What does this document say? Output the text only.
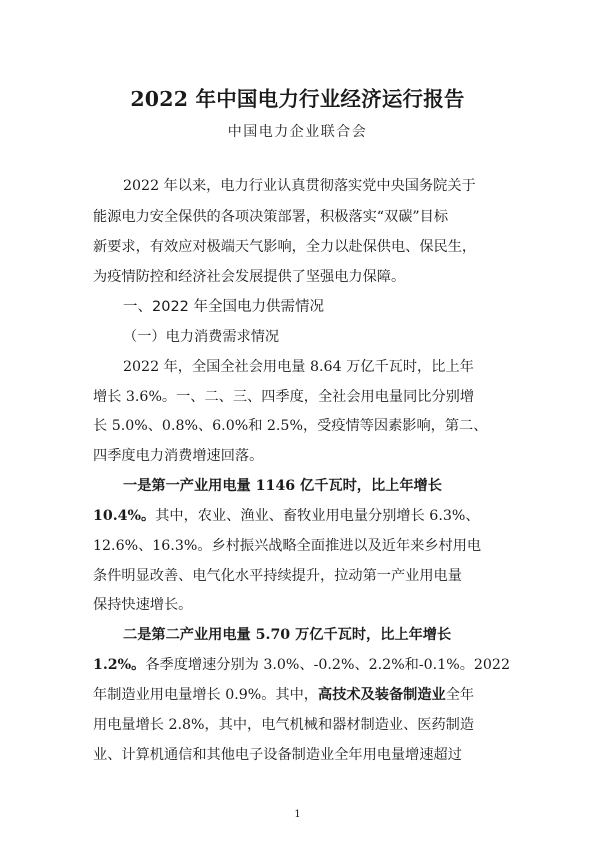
2022 年中国电力行业经济运行报告
中国电力企业联合会
2022 年以来，电力行业认真贯彻落实党中央国务院关于
能源电力安全保供的各项决策部署，积极落实“双碳”目标
新要求，有效应对极端天气影响，全力以赴保供电、保民生，
为疫情防控和经济社会发展提供了坚强电力保障。
一、2022 年全国电力供需情况
（一）电力消费需求情况
2022 年，全国全社会用电量 8.64 万亿千瓦时，比上年
增长 3.6%。一、二、三、四季度，全社会用电量同比分别增
长 5.0%、0.8%、6.0%和 2.5%，受疫情等因素影响，第二、
四季度电力消费增速回落。
一是第一产业用电量 1146 亿千瓦时，比上年增长
10.4%。其中，农业、渔业、畜牧业用电量分别增长 6.3%、
12.6%、16.3%。乡村振兴战略全面推进以及近年来乡村用电
条件明显改善、电气化水平持续提升，拉动第一产业用电量
保持快速增长。
二是第二产业用电量 5.70 万亿千瓦时，比上年增长
1.2%。各季度增速分别为 3.0%、-0.2%、2.2%和-0.1%。2022
年制造业用电量增长 0.9%。其中，高技术及装备制造业全年
用电量增长 2.8%，其中，电气机械和器材制造业、医药制造
业、计算机通信和其他电子设备制造业全年用电量增速超过
1
